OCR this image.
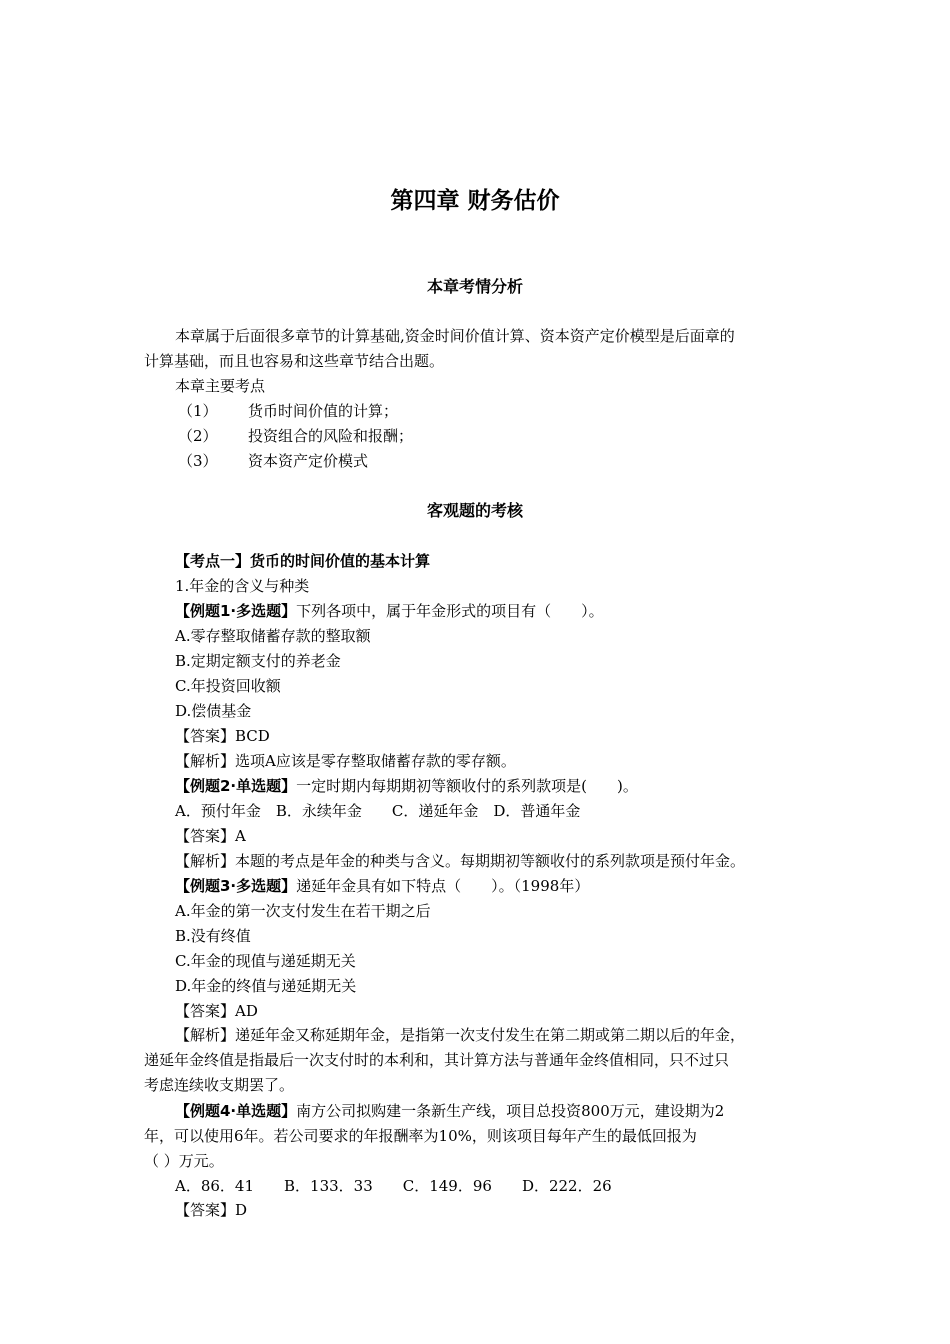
第四章 财务估价
本章考情分析
本章属于后面很多章节的计算基础,资金时间价值计算、资本资产定价模型是后面章的
计算基础，而且也容易和这些章节结合出题。
本章主要考点
（1） 货币时间价值的计算；
（2） 投资组合的风险和报酬；
（3） 资本资产定价模式
客观题的考核
【考点一】货币的时间价值的基本计算
1.年金的含义与种类
【例题1·多选题】下列各项中，属于年金形式的项目有（　　）。
A.零存整取储蓄存款的整取额
B.定期定额支付的养老金
C.年投资回收额
D.偿债基金
【答案】BCD
【解析】选项A应该是零存整取储蓄存款的零存额。
【例题2·单选题】一定时期内每期期初等额收付的系列款项是(　　)。
A．预付年金　B．永续年金　　C．递延年金　D．普通年金
【答案】A
【解析】本题的考点是年金的种类与含义。每期期初等额收付的系列款项是预付年金。
【例题3·多选题】递延年金具有如下特点（　　）。（1998年）
A.年金的第一次支付发生在若干期之后
B.没有终值
C.年金的现值与递延期无关
D.年金的终值与递延期无关
【答案】AD
【解析】递延年金又称延期年金，是指第一次支付发生在第二期或第二期以后的年金，
递延年金终值是指最后一次支付时的本利和，其计算方法与普通年金终值相同，只不过只
考虑连续收支期罢了。
【例题4·单选题】南方公司拟购建一条新生产线，项目总投资800万元，建设期为2
年，可以使用6年。若公司要求的年报酬率为10%，则该项目每年产生的最低回报为
（ ）万元。
A．86．41　　B．133．33　　C．149．96　　D．222．26
【答案】D
